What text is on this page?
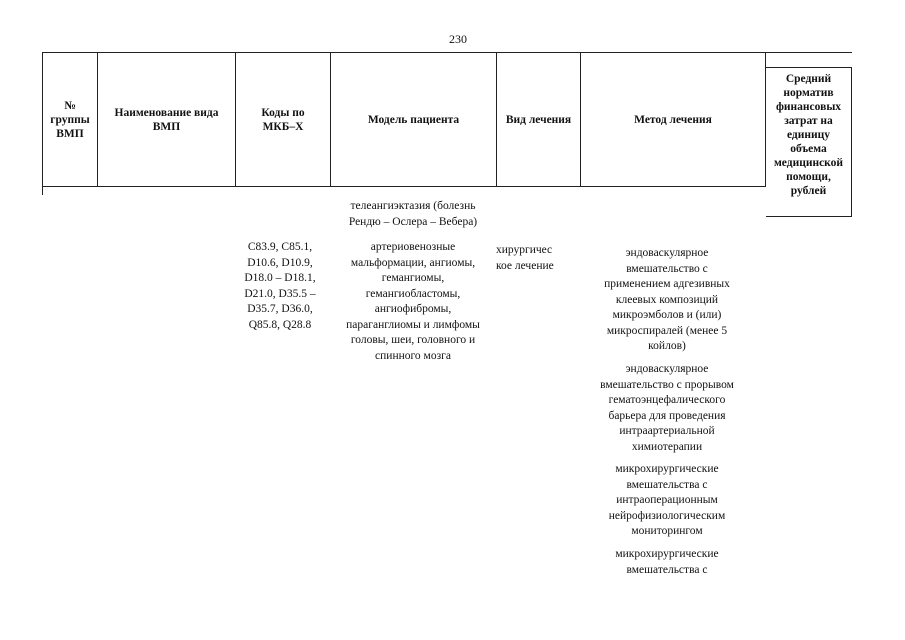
230
№
группы
ВМП
Наименование вида
ВМП
Коды по
МКБ–X
Модель пациента	Вид лечения	Метод лечения
Средний
норматив
финансовых
затрат на
единицу
объема
медицинской
помощи,
рублей
телеангиэктазия (болезнь
Рендю – Ослера – Вебера)
C83.9, C85.1,
D10.6, D10.9,
D18.0 – D18.1,
D21.0, D35.5 –
D35.7, D36.0,
Q85.8, Q28.8
артериовенозные
мальформации, ангиомы,
гемангиомы,
гемангиобластомы,
ангиофибромы,
параганглиомы и лимфомы
головы, шеи, головного и
спинного мозга
хирургичес
кое лечение
эндоваскулярное
вмешательство с
применением адгезивных
клеевых композиций
микроэмболов и (или)
микроспиралей (менее 5
койлов)
эндоваскулярное
вмешательство с прорывом
гематоэнцефалического
барьера для проведения
интраартериальной
химиотерапии
микрохирургические
вмешательства с
интраоперационным
нейрофизиологическим
мониторингом
микрохирургические
вмешательства с
